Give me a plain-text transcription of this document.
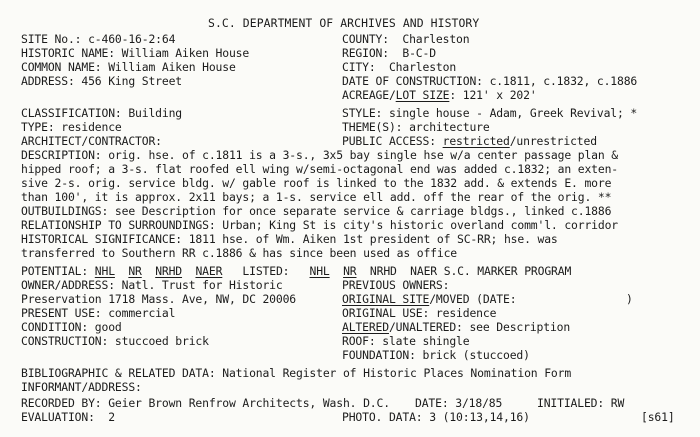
S.C. DEPARTMENT OF ARCHIVES AND HISTORY
SITE No.: c-460-16-2:64	COUNTY:  Charleston
HISTORIC NAME: William Aiken House	REGION:  B-C-D
COMMON NAME: William Aiken House	CITY:  Charleston
ADDRESS: 456 King Street	DATE OF CONSTRUCTION: c.1811, c.1832, c.1886
ACREAGE/LOT SIZE: 121' x 202'
CLASSIFICATION: Building	STYLE: single house - Adam, Greek Revival; *
TYPE: residence	THEME(S): architecture
ARCHITECT/CONTRACTOR:	PUBLIC ACCESS: restricted/unrestricted
DESCRIPTION: orig. hse. of c.1811 is a 3-s., 3x5 bay single hse w/a center passage plan &
hipped roof; a 3-s. flat roofed ell wing w/semi-octagonal end was added c.1832; an exten-
sive 2-s. orig. service bldg. w/ gable roof is linked to the 1832 add. & extends E. more
than 100', it is approx. 2x11 bays; a 1-s. service ell add. off the rear of the orig. **
OUTBUILDINGS: see Description for once separate service & carriage bldgs., linked c.1886
RELATIONSHIP TO SURROUNDINGS: Urban; King St is city's historic overland comm'l. corridor
HISTORICAL SIGNIFICANCE: 1811 hse. of Wm. Aiken 1st president of SC-RR; hse. was
transferred to Southern RR c.1886 & has since been used as office
POTENTIAL: NHL NR NRHD NAER LISTED: NHL NR NRHD NAER S.C. MARKER PROGRAM
OWNER/ADDRESS: Natl. Trust for Historic	PREVIOUS OWNERS:
Preservation 1718 Mass. Ave, NW, DC 20006	ORIGINAL SITE/MOVED (DATE:	)
PRESENT USE: commercial	ORIGINAL USE: residence
CONDITION: good	ALTERED/UNALTERED: see Description
CONSTRUCTION: stuccoed brick	ROOF: slate shingle
FOUNDATION: brick (stuccoed)
BIBLIOGRAPHIC & RELATED DATA: National Register of Historic Places Nomination Form
INFORMANT/ADDRESS:
RECORDED BY: Geier Brown Renfrow Architects, Wash. D.C. DATE: 3/18/85	INITIALED: RW
EVALUATION:  2	PHOTO. DATA: 3 (10:13,14,16)	[s61]
